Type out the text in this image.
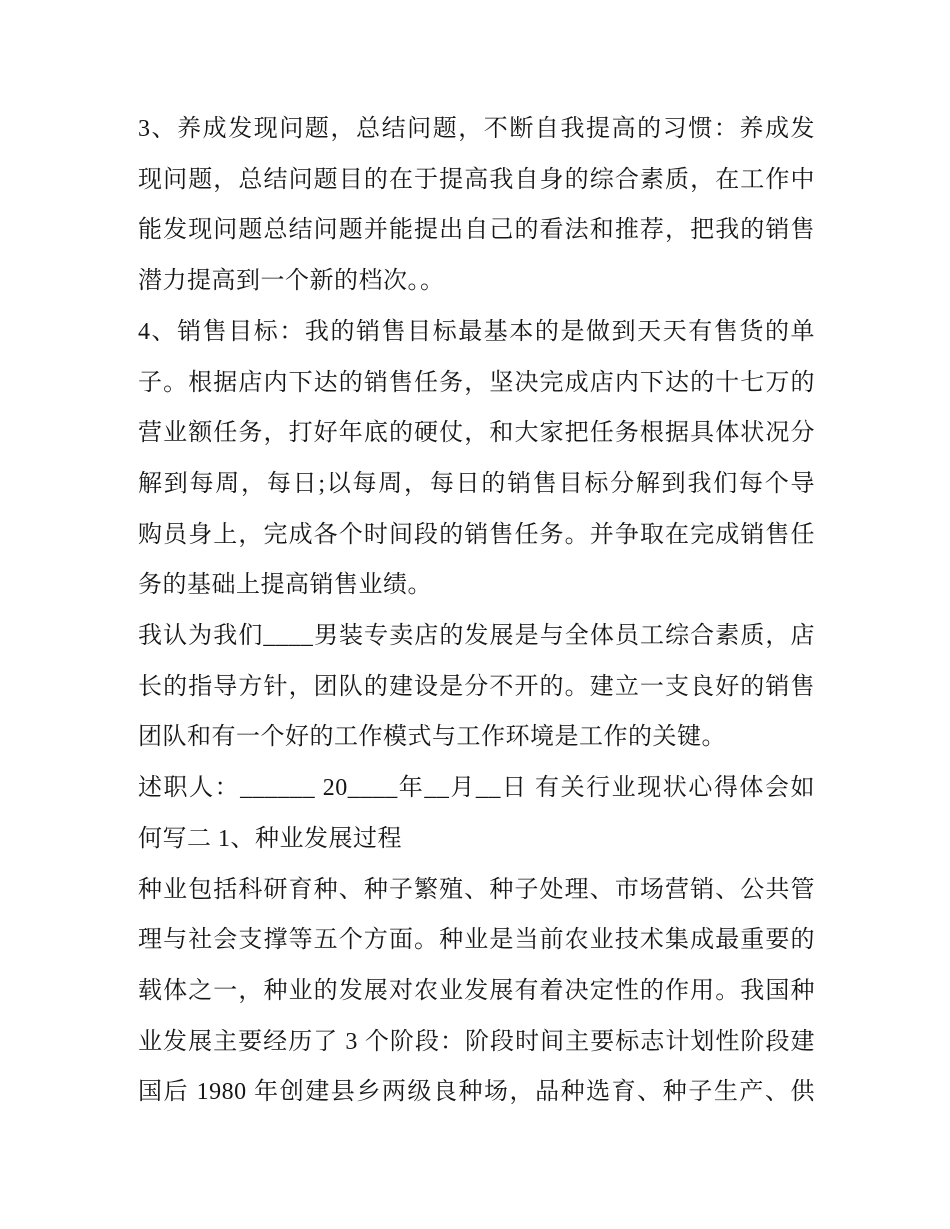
3、养成发现问题，总结问题，不断自我提高的习惯：养成发
现问题，总结问题目的在于提高我自身的综合素质，在工作中
能发现问题总结问题并能提出自己的看法和推荐，把我的销售
潜力提高到一个新的档次。。
4、销售目标：我的销售目标最基本的是做到天天有售货的单
子。根据店内下达的销售任务，坚决完成店内下达的十七万的
营业额任务，打好年底的硬仗，和大家把任务根据具体状况分
解到每周，每日;以每周，每日的销售目标分解到我们每个导
购员身上，完成各个时间段的销售任务。并争取在完成销售任
务的基础上提高销售业绩。
我认为我们____男装专卖店的发展是与全体员工综合素质，店
长的指导方针，团队的建设是分不开的。建立一支良好的销售
团队和有一个好的工作模式与工作环境是工作的关键。
述职人：______ 20____年__月__日 有关行业现状心得体会如
何写二 1、种业发展过程
种业包括科研育种、种子繁殖、种子处理、市场营销、公共管
理与社会支撑等五个方面。种业是当前农业技术集成最重要的
载体之一，种业的发展对农业发展有着决定性的作用。我国种
业发展主要经历了 3 个阶段：阶段时间主要标志计划性阶段建
国后 1980 年创建县乡两级良种场，品种选育、种子生产、供
